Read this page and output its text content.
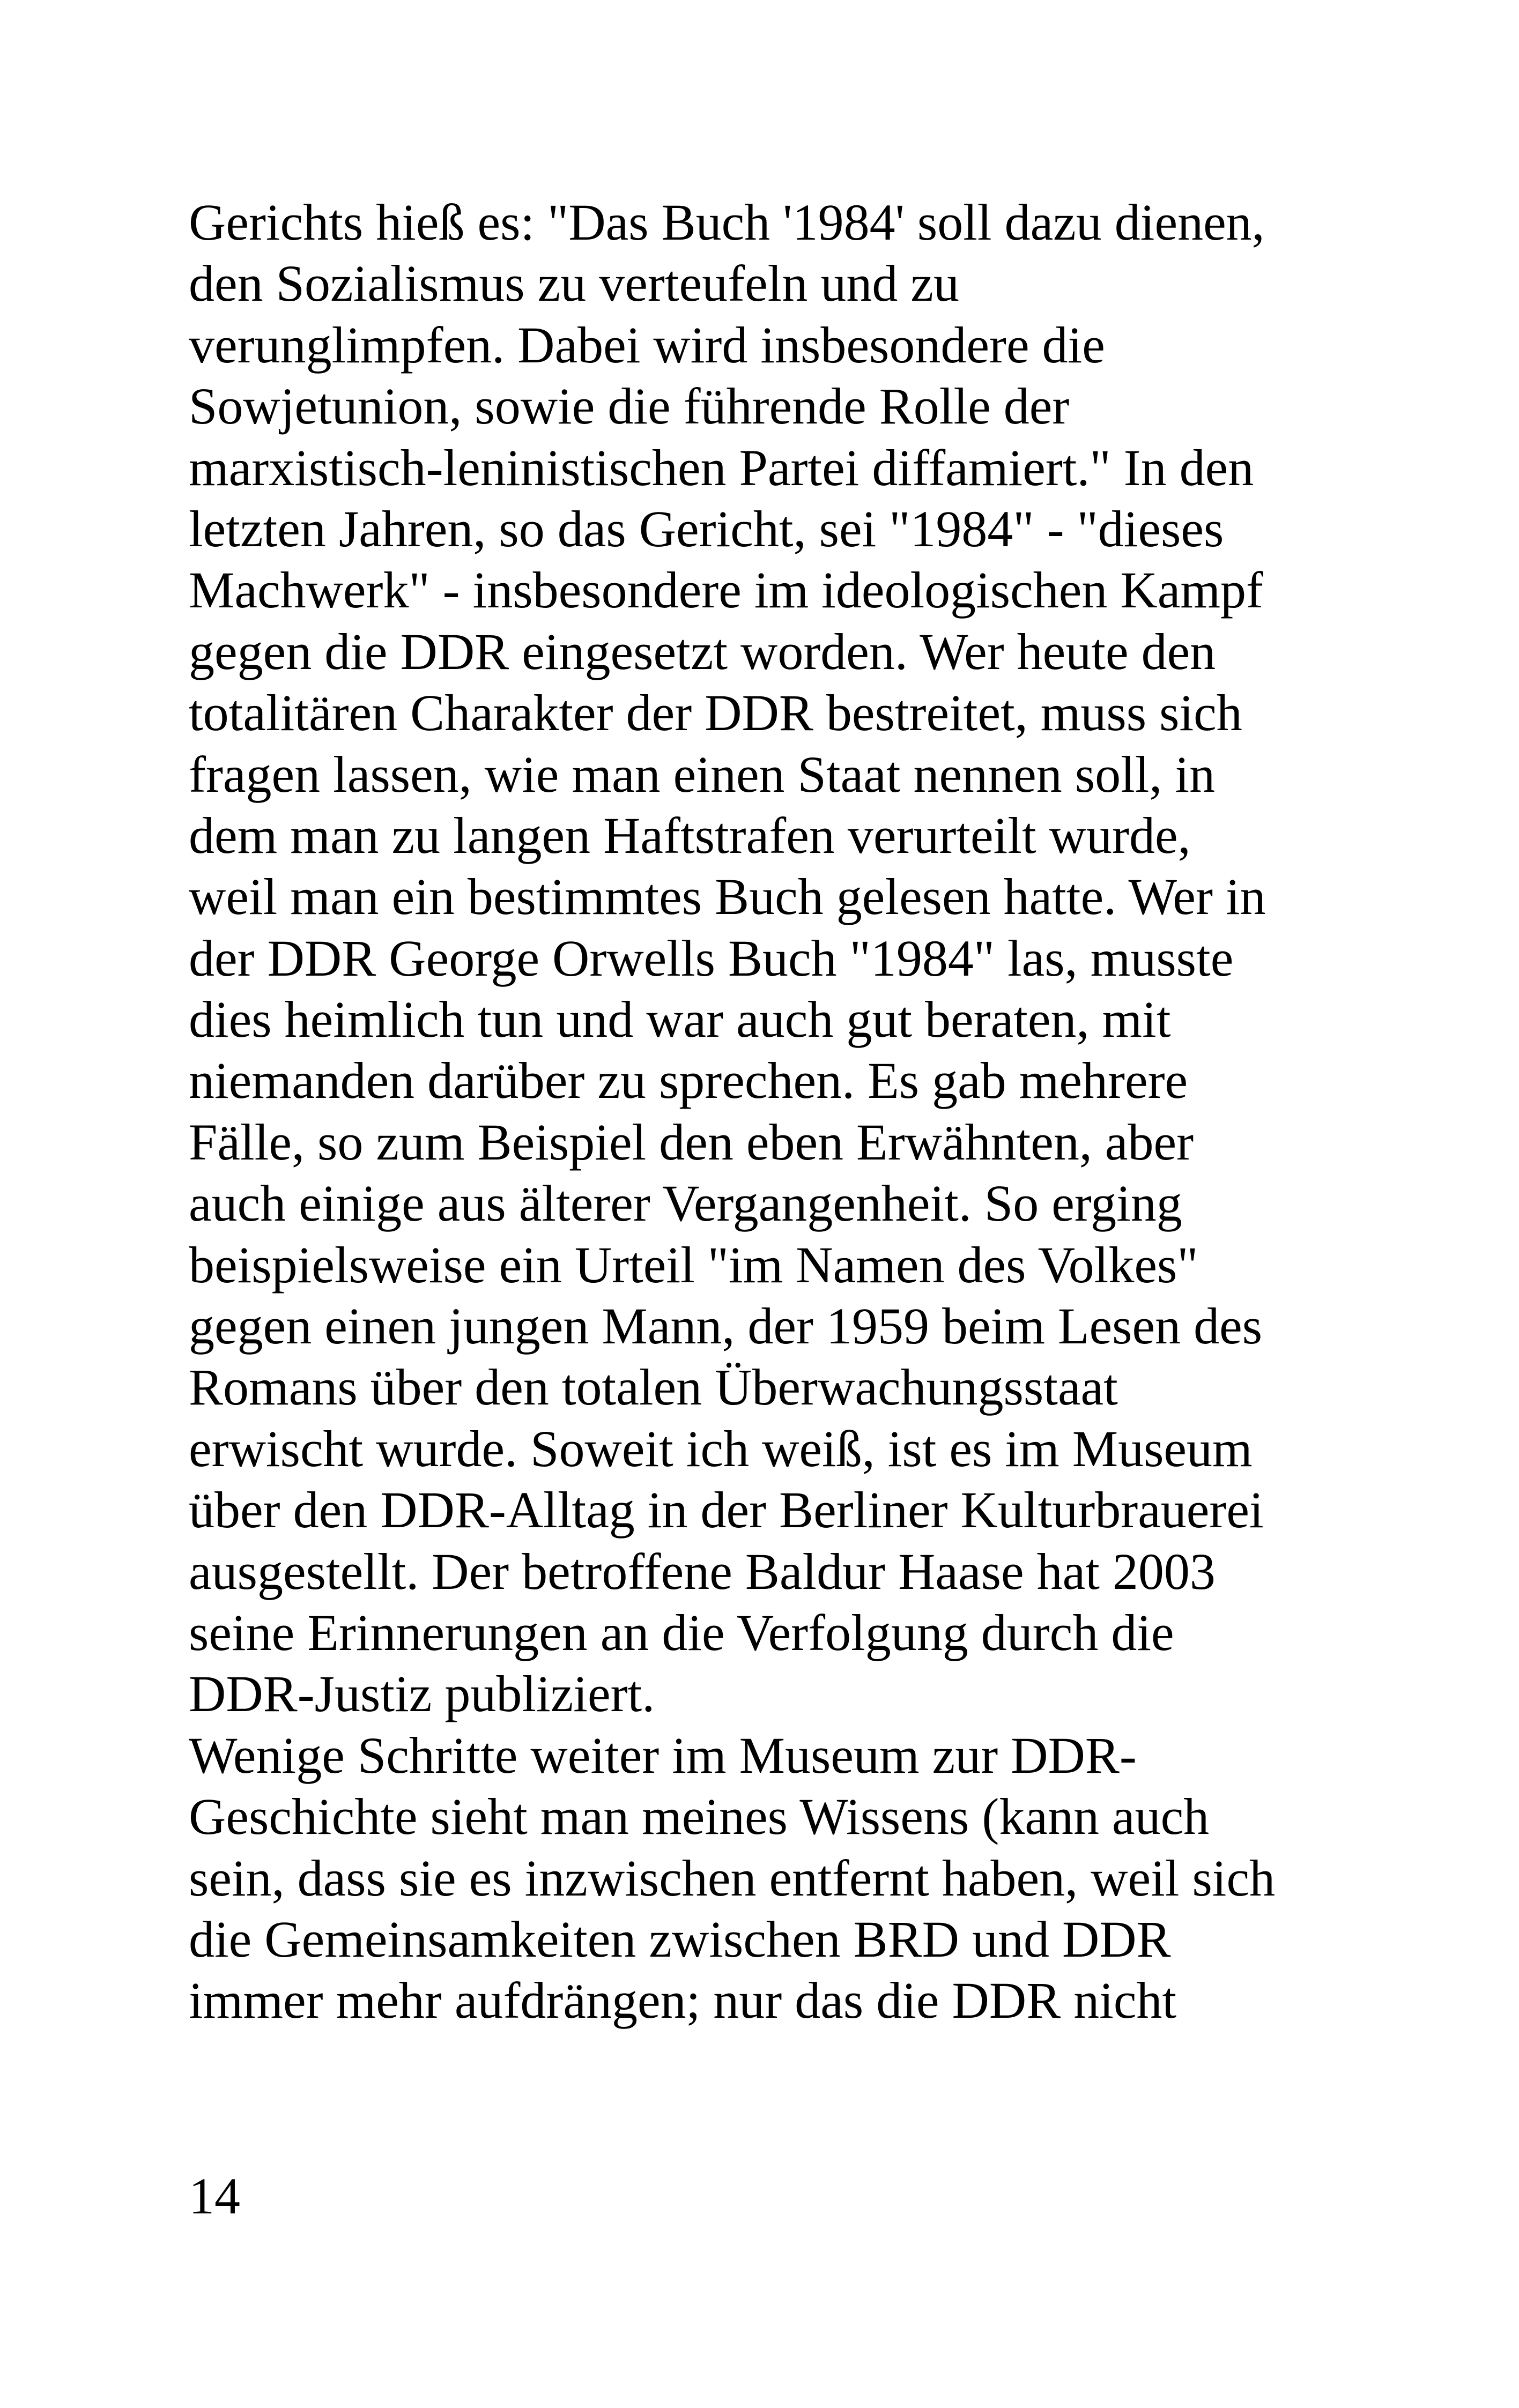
Gerichts hieß es: "Das Buch '1984' soll dazu dienen,
den Sozialismus zu verteufeln und zu
verunglimpfen. Dabei wird insbesondere die
Sowjetunion, sowie die führende Rolle der
marxistisch-leninistischen Partei diffamiert." In den
letzten Jahren, so das Gericht, sei "1984" - "dieses
Machwerk" - insbesondere im ideologischen Kampf
gegen die DDR eingesetzt worden. Wer heute den
totalitären Charakter der DDR bestreitet, muss sich
fragen lassen, wie man einen Staat nennen soll, in
dem man zu langen Haftstrafen verurteilt wurde,
weil man ein bestimmtes Buch gelesen hatte. Wer in
der DDR George Orwells Buch "1984" las, musste
dies heimlich tun und war auch gut beraten, mit
niemanden darüber zu sprechen. Es gab mehrere
Fälle, so zum Beispiel den eben Erwähnten, aber
auch einige aus älterer Vergangenheit. So erging
beispielsweise ein Urteil "im Namen des Volkes"
gegen einen jungen Mann, der 1959 beim Lesen des
Romans über den totalen Überwachungsstaat
erwischt wurde. Soweit ich weiß, ist es im Museum
über den DDR-Alltag in der Berliner Kulturbrauerei
ausgestellt. Der betroffene Baldur Haase hat 2003
seine Erinnerungen an die Verfolgung durch die
DDR-Justiz publiziert.
Wenige Schritte weiter im Museum zur DDR-
Geschichte sieht man meines Wissens (kann auch
sein, dass sie es inzwischen entfernt haben, weil sich
die Gemeinsamkeiten zwischen BRD und DDR
immer mehr aufdrängen; nur das die DDR nicht
14
